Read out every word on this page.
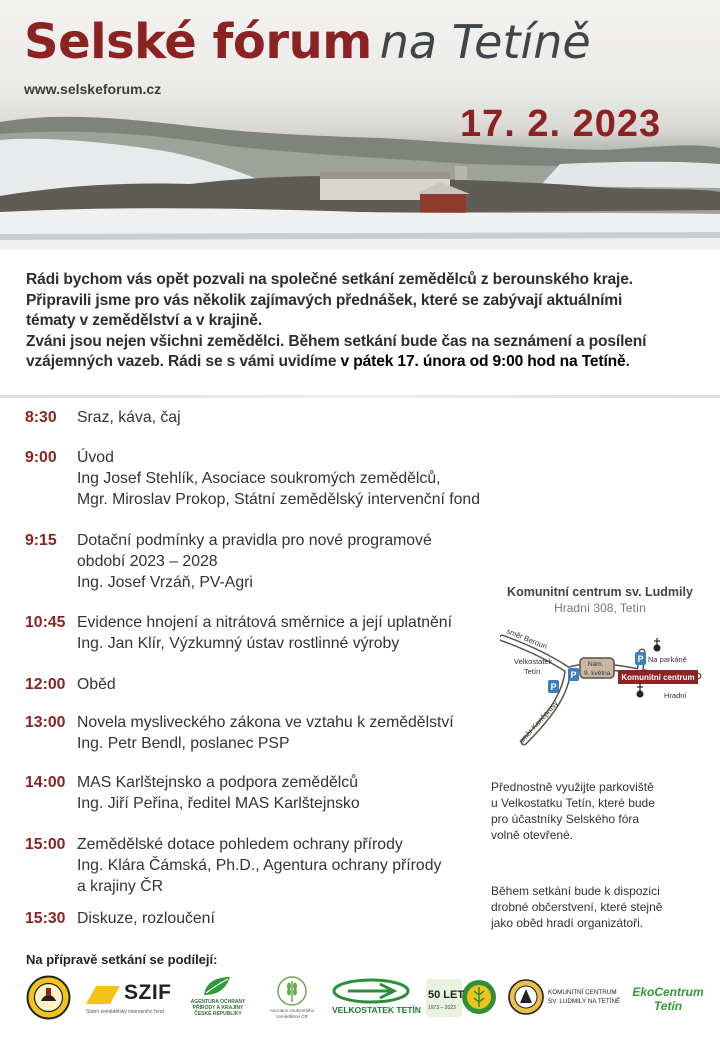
Selské fórum na Tetíně
www.selskeforum.cz
17. 2. 2023

Rádi bychom vás opět pozvali na společné setkání zemědělců z berounského kraje.

Připravili jsme pro vás několik zajímavých přednášek, které se zabývají aktuálními

tématy v zemědělství a v krajině.

Zváni jsou nejen všichni zemědělci. Během setkání bude čas na seznámení a posílení

vzájemných vazeb. Rádi se s vámi uvidíme v pátek 17. února od 9:00 hod na Tetíně.

8:30 Sraz, káva, čaj
9:00 Úvod
Ing Josef Stehlík, Asociace soukromých zemědělců,
Mgr. Miroslav Prokop, Státní zemědělský intervenční fond
9:15 Dotační podmínky a pravidla pro nové programové
období 2023 – 2028
Ing. Josef Vrzáň, PV-Agri
10:45 Evidence hnojení a nitrátová směrnice a její uplatnění
Ing. Jan Klír, Výzkumný ústav rostlinné výroby
12:00 Oběd
13:00 Novela mysliveckého zákona ve vztahu k zemědělství
Ing. Petr Bendl, poslanec PSP
14:00 MAS Karlštejnsko a podpora zemědělců
Ing. Jiří Peřina, ředitel MAS Karlštejnsko
15:00 Zemědělské dotace pohledem ochrany přírody
Ing. Klára Čámská, Ph.D., Agentura ochrany přírody
a krajiny ČR
15:30 Diskuze, rozloučení
Komunitní centrum sv. Ludmily
Hradní 308, Tetín
Komunitní centrum
P
P
P
směr Beroun
Velkostatek
Tetín
Nám.
9. května
Na parkáně
Hradní
směr Koněprusy
Přednostně využijte parkoviště
u Velkostatku Tetín, které bude
pro účastníky Selského fóra
volně otevřené.
Během setkání bude k dispozici
drobné občerstvení, které stejně
jako oběd hradí organizátoři.
Na přípravě setkání se podílejí:
SZIF
Státní zemědělský intervenční fond
AGENTURA OCHRANY
PŘÍRODY A KRAJINY
ČESKÉ REPUBLIKY
Asociace soukromého
zemědělství ČR
VELKOSTATEK TETÍN
50 LET
1973 – 2023
KOMUNITNÍ CENTRUM
SV. LUDMILY NA TETÍNĚ
EkoCentrum
Tetín
